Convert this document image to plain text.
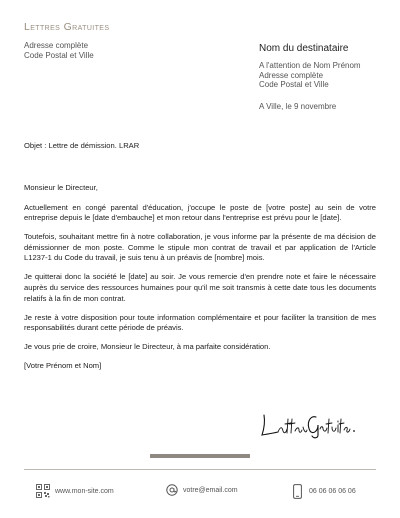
Lettres Gratuites
Adresse complète
Code Postal et Ville
Nom du destinataire
A l'attention de Nom Prénom
Adresse complète
Code Postal et Ville
A Ville, le 9 novembre
Objet : Lettre de démission. LRAR

Monsieur le Directeur,

Actuellement en congé parental d'éducation, j'occupe le poste de [votre poste] au sein de votre entreprise depuis le [date d'embauche] et mon retour dans l'entreprise est prévu pour le [date].

Toutefois, souhaitant mettre fin à notre collaboration, je vous informe par la présente de ma décision de démissionner de mon poste. Comme le stipule mon contrat de travail et par application de l'Article L1237-1 du Code du travail, je suis tenu à un préavis de [nombre] mois.

Je quitterai donc la société le [date] au soir. Je vous remercie d'en prendre note et faire le nécessaire auprès du service des ressources humaines pour qu'il me soit transmis à cette date tous les documents relatifs à la fin de mon contrat.

Je reste à votre disposition pour toute information complémentaire et pour faciliter la transition de mes responsabilités durant cette période de préavis.

Je vous prie de croire, Monsieur le Directeur, à ma parfaite considération.

[Votre Prénom et Nom]

www.mon-site.com	votre@email.com	06 06 06 06 06
